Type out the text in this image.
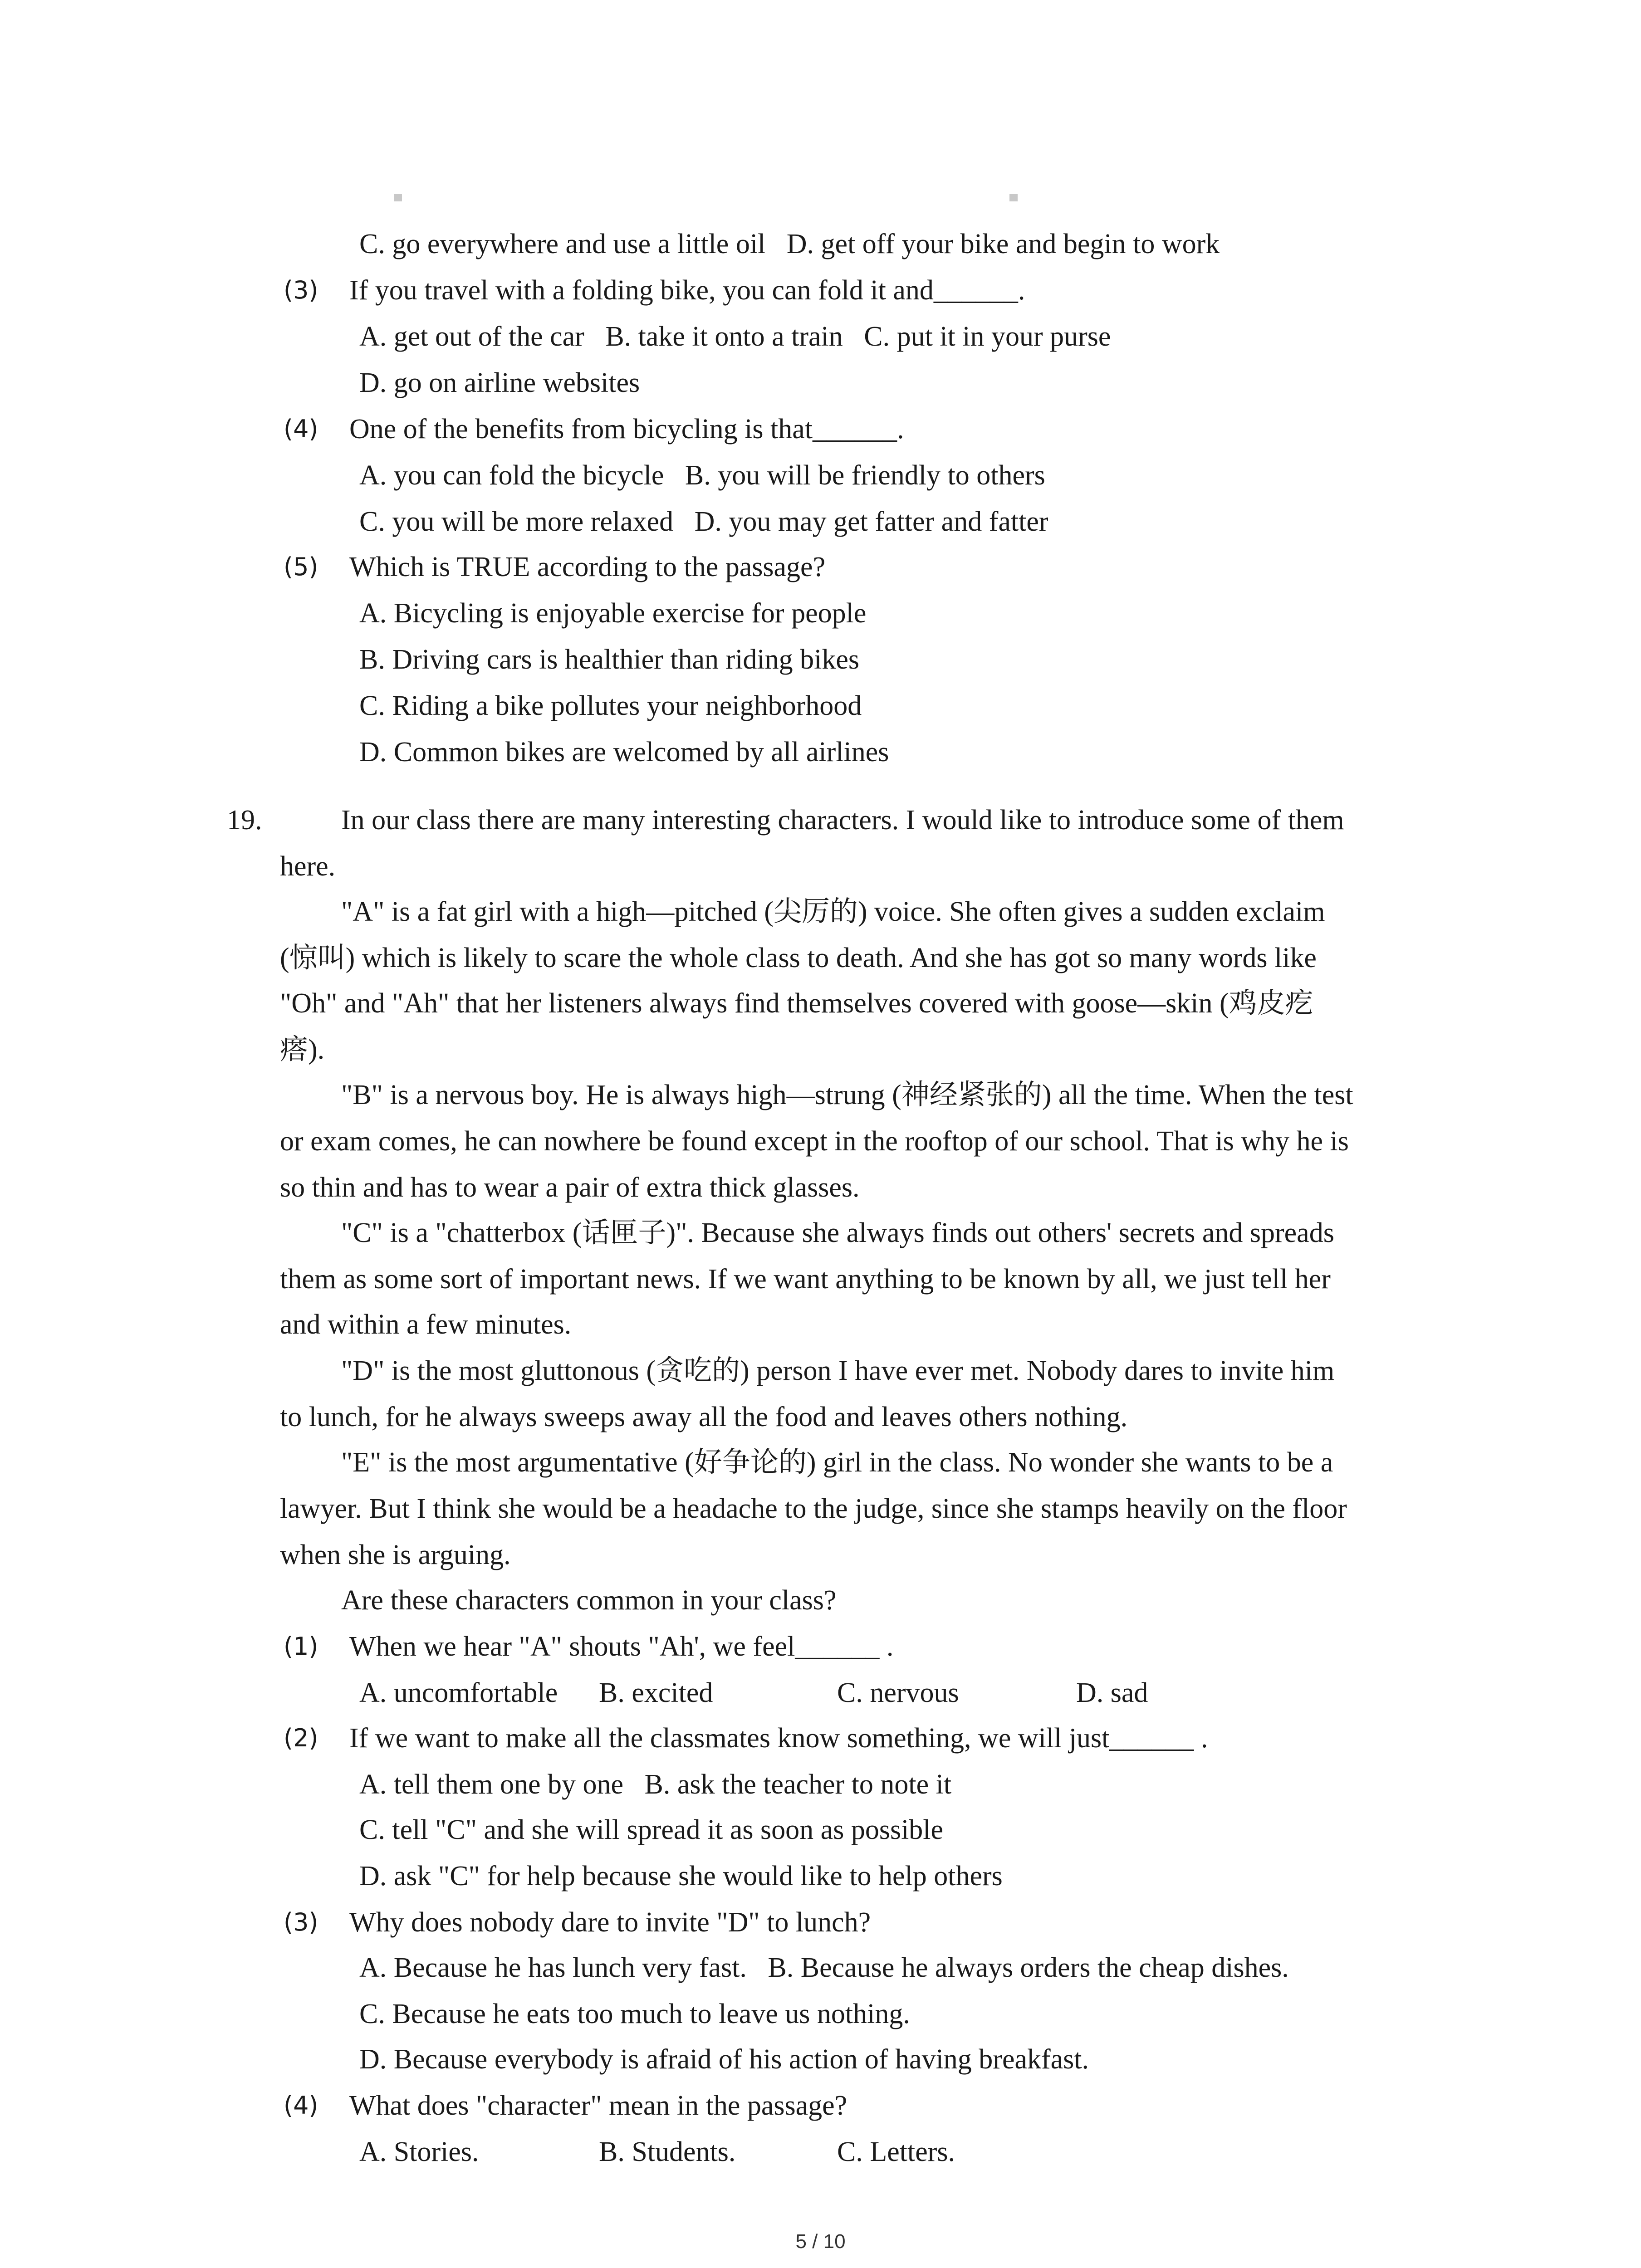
C. go everywhere and use a little oil   D. get off your bike and begin to work
(3) If you travel with a folding bike, you can fold it and______.
A. get out of the car   B. take it onto a train   C. put it in your purse
D. go on airline websites
(4) One of the benefits from bicycling is that______.
A. you can fold the bicycle   B. you will be friendly to others
C. you will be more relaxed   D. you may get fatter and fatter
(5) Which is TRUE according to the passage?
A. Bicycling is enjoyable exercise for people
B. Driving cars is healthier than riding bikes
C. Riding a bike pollutes your neighborhood
D. Common bikes are welcomed by all airlines
19.	In our class there are many interesting characters. I would like to introduce some of them
here.
"A" is a fat girl with a high—pitched (尖厉的) voice. She often gives a sudden exclaim
(惊叫) which is likely to scare the whole class to death. And she has got so many words like
"Oh" and "Ah" that her listeners always find themselves covered with goose—skin (鸡皮疙
瘩).
"B" is a nervous boy. He is always high—strung (神经紧张的) all the time. When the test
or exam comes, he can nowhere be found except in the rooftop of our school. That is why he is
so thin and has to wear a pair of extra thick glasses.
"C" is a "chatterbox (话匣子)". Because she always finds out others' secrets and spreads
them as some sort of important news. If we want anything to be known by all, we just tell her
and within a few minutes.
"D" is the most gluttonous (贪吃的) person I have ever met. Nobody dares to invite him
to lunch, for he always sweeps away all the food and leaves others nothing.
"E" is the most argumentative (好争论的) girl in the class. No wonder she wants to be a
lawyer. But I think she would be a headache to the judge, since she stamps heavily on the floor
when she is arguing.
Are these characters common in your class?
(1) When we hear "A" shouts "Ah', we feel______ .
A. uncomfortable B. excited	C. nervous	D. sad
(2) If we want to make all the classmates know something, we will just______ .
A. tell them one by one   B. ask the teacher to note it
C. tell "C" and she will spread it as soon as possible
D. ask "C" for help because she would like to help others
(3) Why does nobody dare to invite "D" to lunch?
A. Because he has lunch very fast.   B. Because he always orders the cheap dishes.
C. Because he eats too much to leave us nothing.
D. Because everybody is afraid of his action of having breakfast.
(4) What does "character" mean in the passage?
A. Stories.	B. Students.	C. Letters.
5 / 10
